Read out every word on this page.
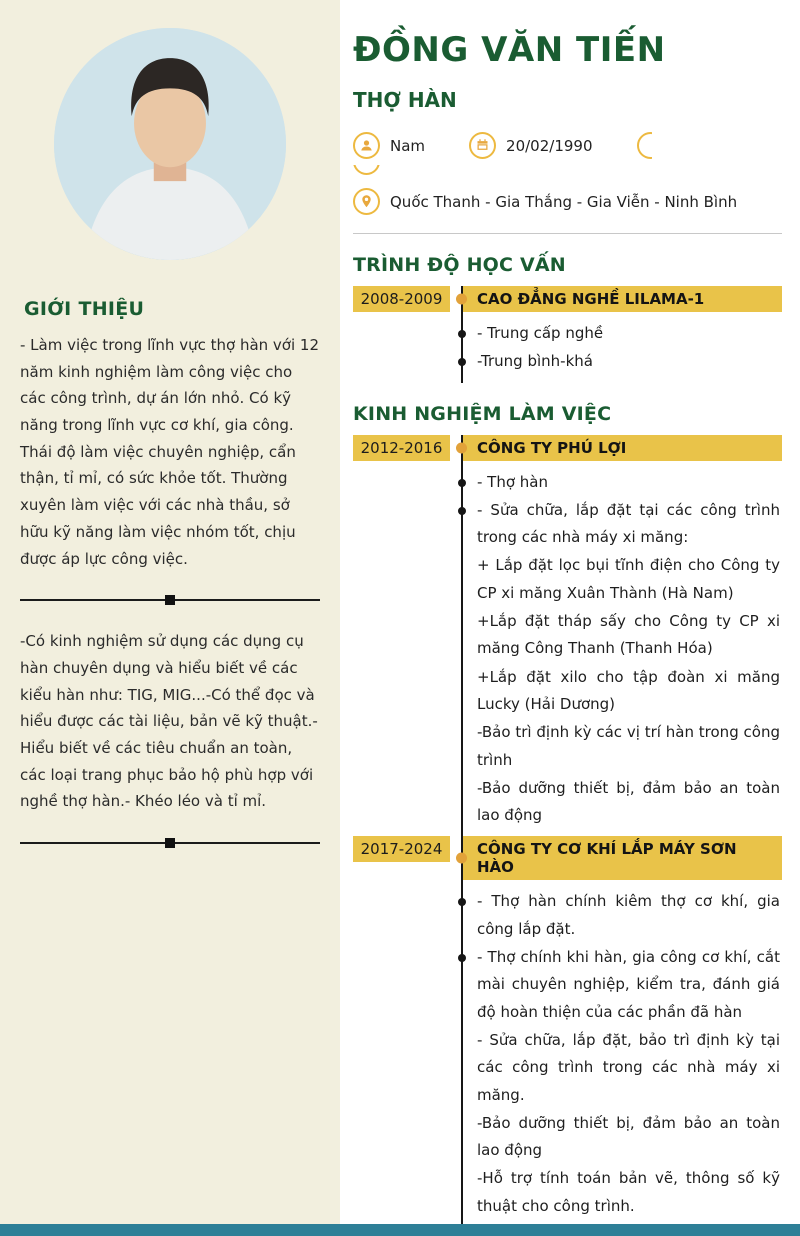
GIỚI THIỆU

- Làm việc trong lĩnh vực thợ hàn với 12 năm kinh nghiệm làm công việc cho các công trình, dự án lớn nhỏ. Có kỹ năng trong lĩnh vực cơ khí, gia công. Thái độ làm việc chuyên nghiệp, cẩn thận, tỉ mỉ, có sức khỏe tốt. Thường xuyên làm việc với các nhà thầu, sở hữu kỹ năng làm việc nhóm tốt, chịu được áp lực công việc.

-Có kinh nghiệm sử dụng các dụng cụ hàn chuyên dụng và hiểu biết về các kiểu hàn như: TIG, MIG...-Có thể đọc và hiểu được các tài liệu, bản vẽ kỹ thuật.- Hiểu biết về các tiêu chuẩn an toàn, các loại trang phục bảo hộ phù hợp với nghề thợ hàn.- Khéo léo và tỉ mỉ.

ĐỒNG VĂN TIẾN
THỢ HÀN
Nam	20/02/1990
Quốc Thanh - Gia Thắng - Gia Viễn - Ninh Bình
TRÌNH ĐỘ HỌC VẤN
2008-2009	CAO ĐẲNG NGHỀ LILAMA-1
- Trung cấp nghề
-Trung bình-khá
KINH NGHIỆM LÀM VIỆC
2012-2016	CÔNG TY PHÚ LỢI
- Thợ hàn
- Sửa chữa, lắp đặt tại các công trình trong các nhà máy xi măng:
+ Lắp đặt lọc bụi tĩnh điện cho Công ty CP xi măng Xuân Thành (Hà Nam)
+Lắp đặt tháp sấy cho Công ty CP xi măng Công Thanh (Thanh Hóa)
+Lắp đặt xilo cho tập đoàn xi măng Lucky (Hải Dương)
-Bảo trì định kỳ các vị trí hàn trong công trình
-Bảo dưỡng thiết bị, đảm bảo an toàn lao động
2017-2024	CÔNG TY CƠ KHÍ LẮP MÁY SƠN HÀO
- Thợ hàn chính kiêm thợ cơ khí, gia công lắp đặt.
- Thợ chính khi hàn, gia công cơ khí, cắt mài chuyên nghiệp, kiểm tra, đánh giá độ hoàn thiện của các phần đã hàn
- Sửa chữa, lắp đặt, bảo trì định kỳ tại các công trình trong các nhà máy xi măng.
-Bảo dưỡng thiết bị, đảm bảo an toàn lao động
-Hỗ trợ tính toán bản vẽ, thông số kỹ thuật cho công trình.
